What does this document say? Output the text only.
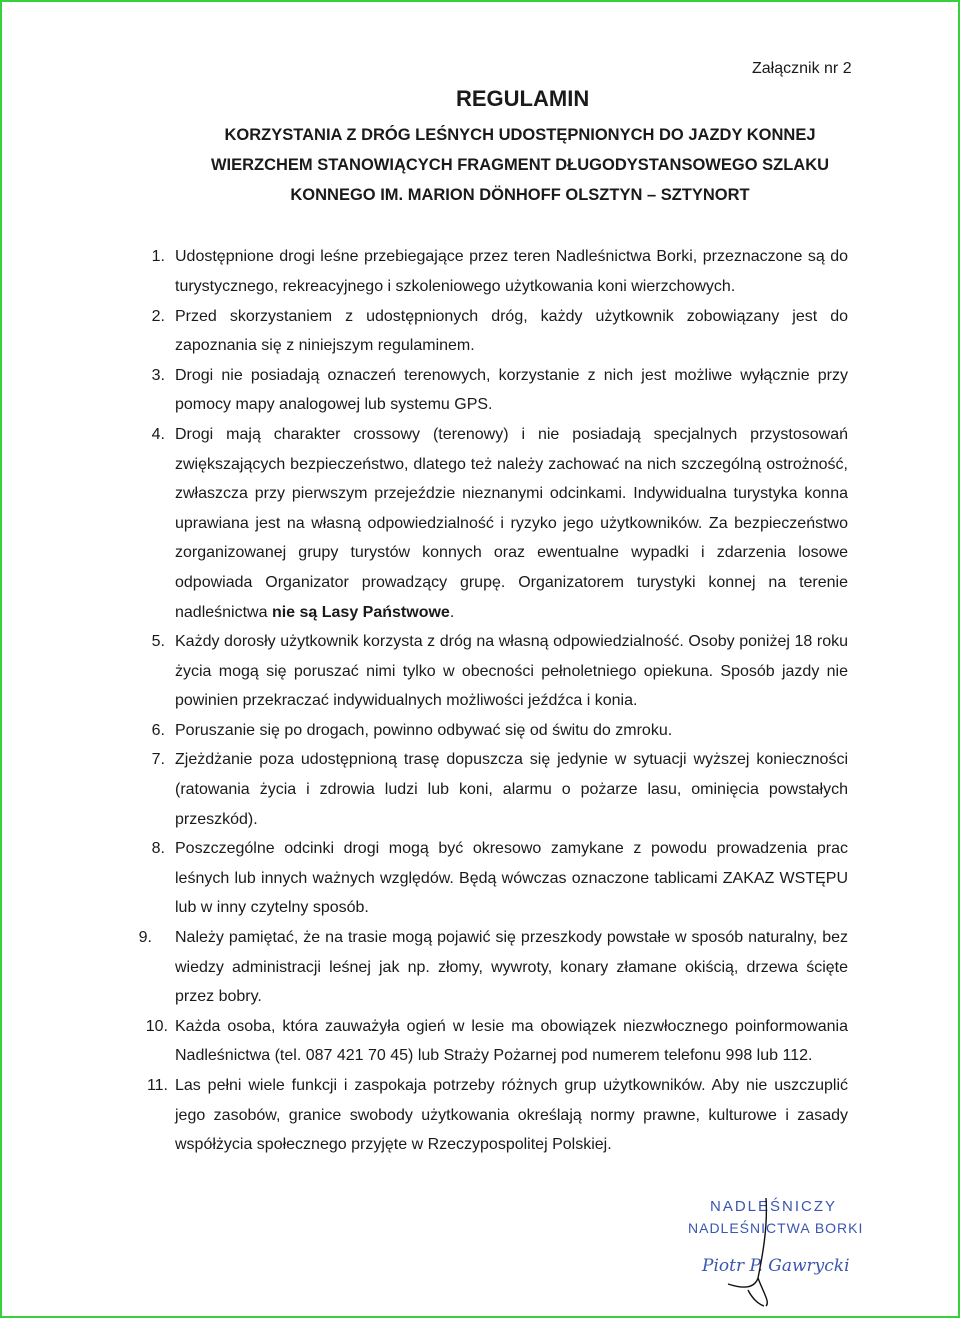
Załącznik nr 2
REGULAMIN
KORZYSTANIA Z DRÓG LEŚNYCH UDOSTĘPNIONYCH DO JAZDY KONNEJ
WIERZCHEM STANOWIĄCYCH FRAGMENT DŁUGODYSTANSOWEGO SZLAKU
KONNEGO IM. MARION DÖNHOFF OLSZTYN – SZTYNORT
1. Udostępnione drogi leśne przebiegające przez teren Nadleśnictwa Borki, przeznaczone są do turystycznego, rekreacyjnego i szkoleniowego użytkowania koni wierzchowych.
2. Przed skorzystaniem z udostępnionych dróg, każdy użytkownik zobowiązany jest do zapoznania się z niniejszym regulaminem.
3. Drogi nie posiadają oznaczeń terenowych, korzystanie z nich jest możliwe wyłącznie przy pomocy mapy analogowej lub systemu GPS.
4. Drogi mają charakter crossowy (terenowy) i nie posiadają specjalnych przystosowań zwiększających bezpieczeństwo, dlatego też należy zachować na nich szczególną ostrożność, zwłaszcza przy pierwszym przejeździe nieznanymi odcinkami. Indywidualna turystyka konna uprawiana jest na własną odpowiedzialność i ryzyko jego użytkowników. Za bezpieczeństwo zorganizowanej grupy turystów konnych oraz ewentualne wypadki i zdarzenia losowe odpowiada Organizator prowadzący grupę. Organizatorem turystyki konnej na terenie nadleśnictwa nie są Lasy Państwowe.
5. Każdy dorosły użytkownik korzysta z dróg na własną odpowiedzialność. Osoby poniżej 18 roku życia mogą się poruszać nimi tylko w obecności pełnoletniego opiekuna. Sposób jazdy nie powinien przekraczać indywidualnych możliwości jeźdźca i konia.
6. Poruszanie się po drogach, powinno odbywać się od świtu do zmroku.
7. Zjeżdżanie poza udostępnioną trasę dopuszcza się jedynie w sytuacji wyższej konieczności (ratowania życia i zdrowia ludzi lub koni, alarmu o pożarze lasu, ominięcia powstałych przeszkód).
8. Poszczególne odcinki drogi mogą być okresowo zamykane z powodu prowadzenia prac leśnych lub innych ważnych względów. Będą wówczas oznaczone tablicami ZAKAZ WSTĘPU lub w inny czytelny sposób.
9. Należy pamiętać, że na trasie mogą pojawić się przeszkody powstałe w sposób naturalny, bez wiedzy administracji leśnej jak np. złomy, wywroty, konary złamane okiścią, drzewa ścięte przez bobry.
10. Każda osoba, która zauważyła ogień w lesie ma obowiązek niezwłocznego poinformowania Nadleśnictwa (tel. 087 421 70 45) lub Straży Pożarnej pod numerem telefonu 998 lub 112.
11. Las pełni wiele funkcji i zaspokaja potrzeby różnych grup użytkowników. Aby nie uszczuplić jego zasobów, granice swobody użytkowania określają normy prawne, kulturowe i zasady współżycia społecznego przyjęte w Rzeczypospolitej Polskiej.
NADLEŚNICZY
NADLEŚNICTWA BORKI
Piotr P. Gawrycki
